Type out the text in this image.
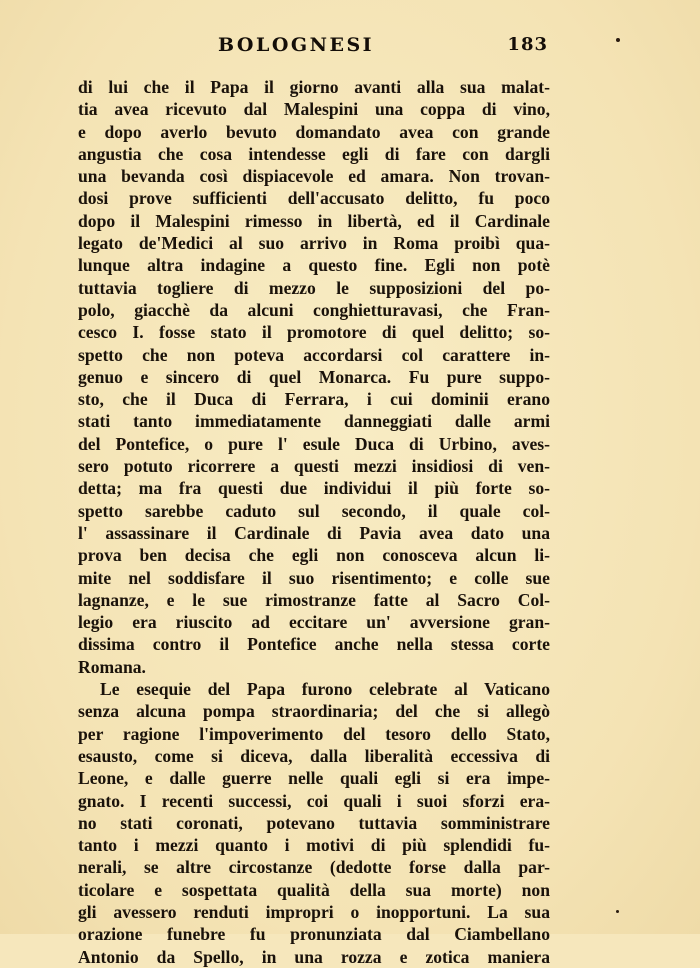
BOLOGNESI	183
di lui che il Papa il giorno avanti alla sua malat-
tia avea ricevuto dal Malespini una coppa di vino,
e dopo averlo bevuto domandato avea con grande
angustia che cosa intendesse egli di fare con dargli
una bevanda così dispiacevole ed amara. Non trovan-
dosi prove sufficienti dell'accusato delitto, fu poco
dopo il Malespini rimesso in libertà, ed il Cardinale
legato de'Medici al suo arrivo in Roma proibì qua-
lunque altra indagine a questo fine. Egli non potè
tuttavia togliere di mezzo le supposizioni del po-
polo, giacchè da alcuni conghietturavasi, che Fran-
cesco I. fosse stato il promotore di quel delitto; so-
spetto che non poteva accordarsi col carattere in-
genuo e sincero di quel Monarca. Fu pure suppo-
sto, che il Duca di Ferrara, i cui dominii erano
stati tanto immediatamente danneggiati dalle armi
del Pontefice, o pure l' esule Duca di Urbino, aves-
sero potuto ricorrere a questi mezzi insidiosi di ven-
detta; ma fra questi due individui il più forte so-
spetto sarebbe caduto sul secondo, il quale col-
l' assassinare il Cardinale di Pavia avea dato una
prova ben decisa che egli non conosceva alcun li-
mite nel soddisfare il suo risentimento; e colle sue
lagnanze, e le sue rimostranze fatte al Sacro Col-
legio era riuscito ad eccitare un' avversione gran-
dissima contro il Pontefice anche nella stessa corte
Romana.
Le esequie del Papa furono celebrate al Vaticano
senza alcuna pompa straordinaria; del che si allegò
per ragione l'impoverimento del tesoro dello Stato,
esausto, come si diceva, dalla liberalità eccessiva di
Leone, e dalle guerre nelle quali egli si era impe-
gnato. I recenti successi, coi quali i suoi sforzi era-
no stati coronati, potevano tuttavia somministrare
tanto i mezzi quanto i motivi di più splendidi fu-
nerali, se altre circostanze (dedotte forse dalla par-
ticolare e sospettata qualità della sua morte) non
gli avessero renduti impropri o inopportuni. La sua
orazione funebre fu pronunziata dal Ciambellano
Antonio da Spello, in una rozza e zotica maniera
